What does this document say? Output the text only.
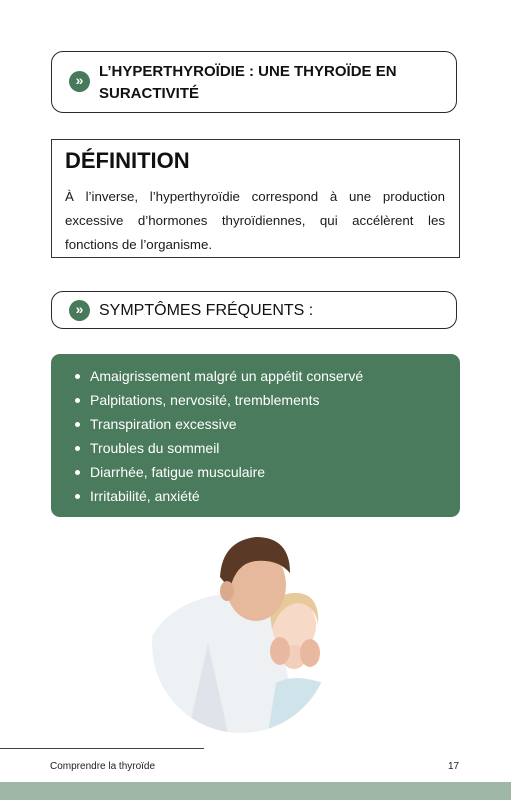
»	L’HYPERTHYROÏDIE : UNE THYROÏDE EN SURACTIVITÉ
DÉFINITION
À l’inverse, l’hyperthyroïdie correspond à une production excessive d’hormones thyroïdiennes, qui accélèrent les fonctions de l’organisme.
» SYMPTÔMES FRÉQUENTS :
Amaigrissement malgré un appétit conservé
Palpitations, nervosité, tremblements
Transpiration excessive
Troubles du sommeil
Diarrhée, fatigue musculaire
Irritabilité, anxiété
Comprendre la thyroïde	17
